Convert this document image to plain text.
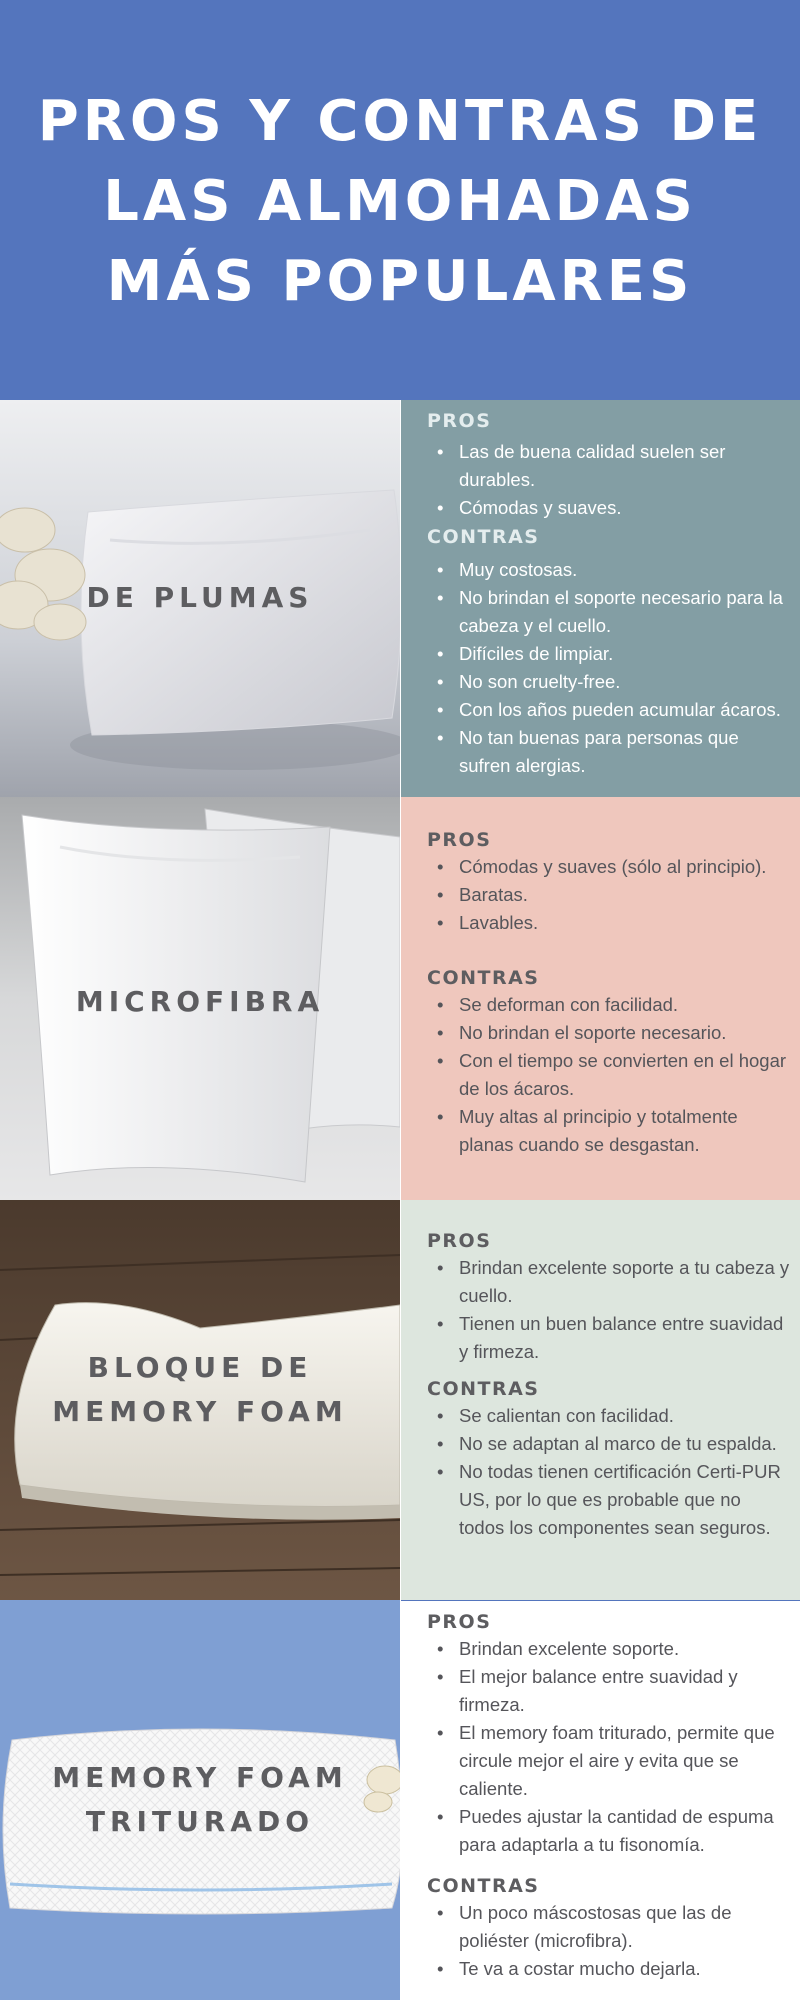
PROS Y CONTRAS DE
LAS ALMOHADAS
MÁS POPULARES
DE PLUMAS

PROS

• Las de buena calidad suelen ser durables.
• Cómodas y suaves.

CONTRAS

• Muy costosas.
• No brindan el soporte necesario para la cabeza y el cuello.
• Difíciles de limpiar.
• No son cruelty-free.
• Con los años pueden acumular ácaros.
• No tan buenas para personas que sufren alergias.
MICROFIBRA

PROS

• Cómodas y suaves (sólo al principio).
• Baratas.
• Lavables.

CONTRAS

• Se deforman con facilidad.
• No brindan el soporte necesario.
• Con el tiempo se convierten en el hogar de los ácaros.
• Muy altas al principio y totalmente planas cuando se desgastan.
BLOQUE DE
MEMORY FOAM

PROS

• Brindan excelente soporte a tu cabeza y cuello.
• Tienen un buen balance entre suavidad y firmeza.

CONTRAS

• Se calientan con facilidad.
• No se adaptan al marco de tu espalda.
• No todas tienen certificación Certi-PUR US, por lo que es probable que no todos los componentes sean seguros.
MEMORY FOAM
TRITURADO

PROS

• Brindan excelente soporte.
• El mejor balance entre suavidad y firmeza.
• El memory foam triturado, permite que circule mejor el aire y evita que se caliente.
• Puedes ajustar la cantidad de espuma para adaptarla a tu fisonomía.

CONTRAS

• Un poco máscostosas que las de poliéster (microfibra).
• Te va a costar mucho dejarla.
